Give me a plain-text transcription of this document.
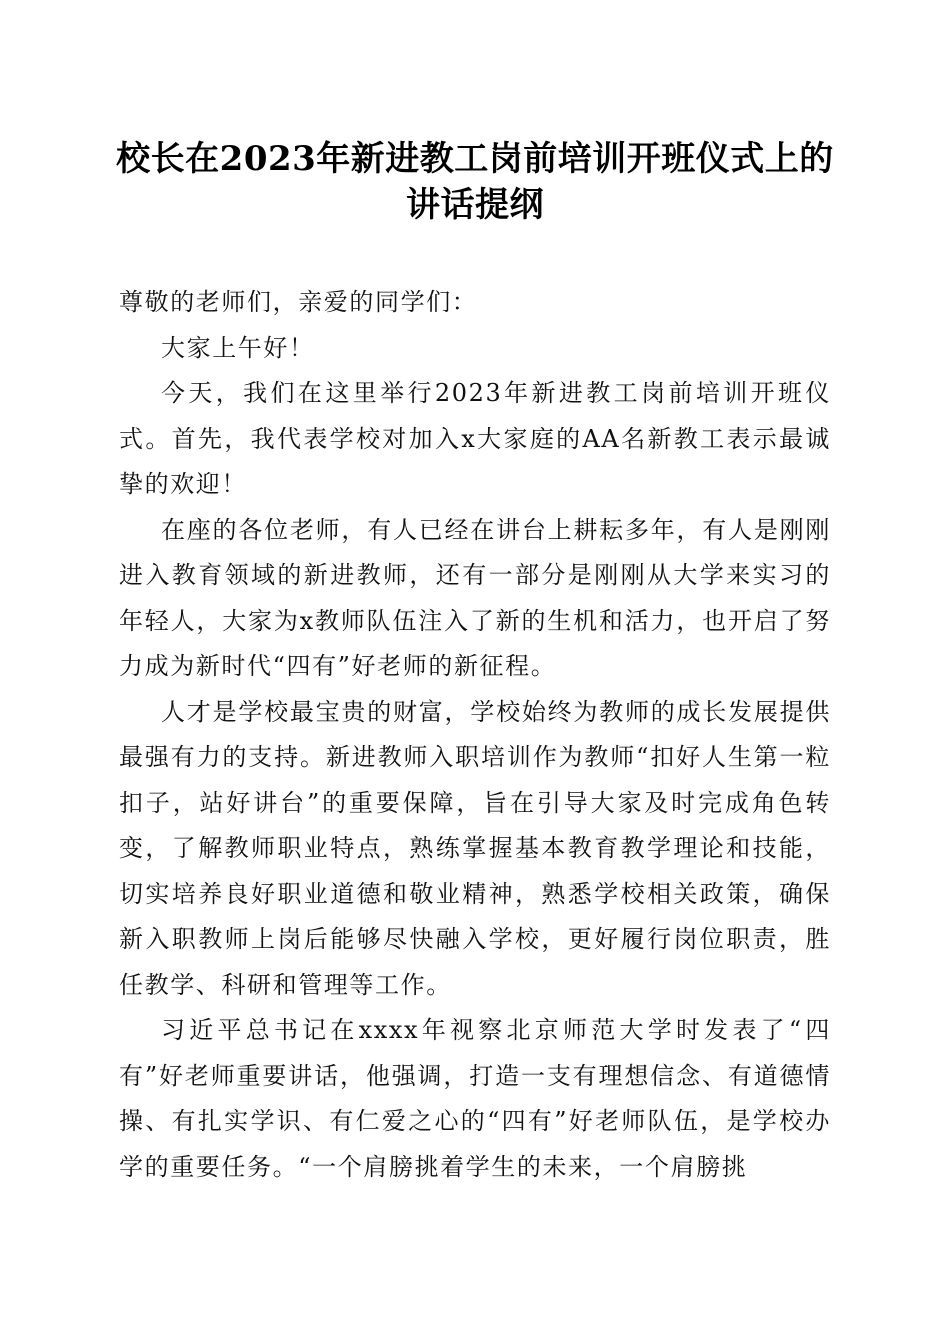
校长在2023年新进教工岗前培训开班仪式上的讲话提纲

尊敬的老师们，亲爱的同学们：

大家上午好！

今天，我们在这里举行2023年新进教工岗前培训开班仪式。首先，我代表学校对加入x大家庭的AA名新教工表示最诚挚的欢迎！

在座的各位老师，有人已经在讲台上耕耘多年，有人是刚刚进入教育领域的新进教师，还有一部分是刚刚从大学来实习的年轻人，大家为x教师队伍注入了新的生机和活力，也开启了努力成为新时代“四有”好老师的新征程。

人才是学校最宝贵的财富，学校始终为教师的成长发展提供最强有力的支持。新进教师入职培训作为教师“扣好人生第一粒扣子，站好讲台”的重要保障，旨在引导大家及时完成角色转变，了解教师职业特点，熟练掌握基本教育教学理论和技能，切实培养良好职业道德和敬业精神，熟悉学校相关政策，确保新入职教师上岗后能够尽快融入学校，更好履行岗位职责，胜任教学、科研和管理等工作。

习近平总书记在xxxx年视察北京师范大学时发表了“四有”好老师重要讲话，他强调，打造一支有理想信念、有道德情操、有扎实学识、有仁爱之心的“四有”好老师队伍，是学校办学的重要任务。“一个肩膀挑着学生的未来，一个肩膀挑
